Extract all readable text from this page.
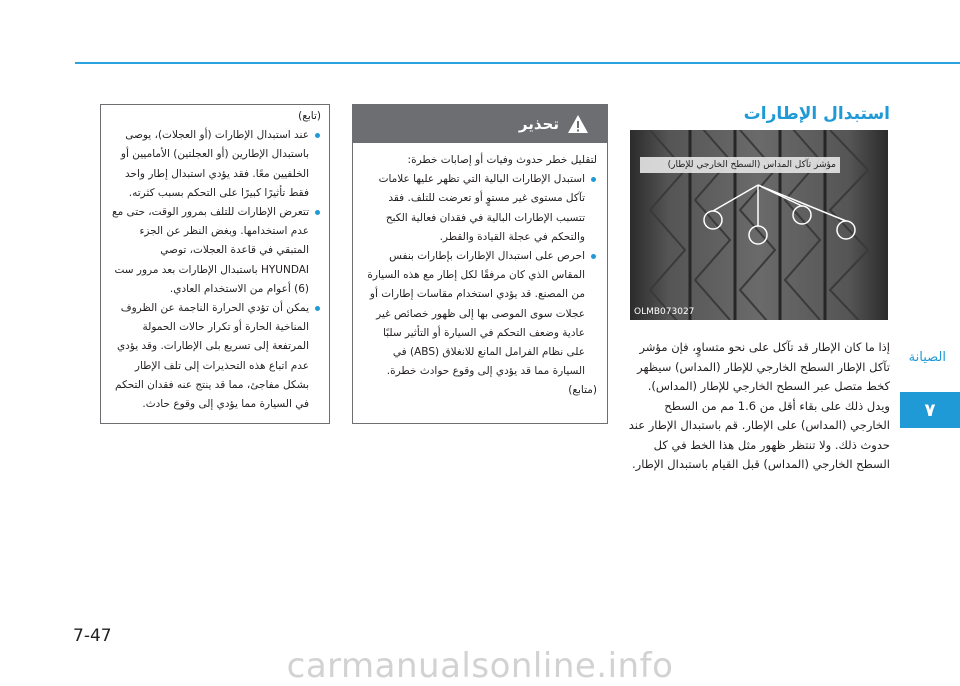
الصيانة
٧
استبدال الإطارات
مؤشر تآكل المداس (السطح الخارجي للإطار)
OLMB073027

إذا ما كان الإطار قد تآكل على نحو متساوٍ، فإن مؤشر تآكل الإطار السطح الخارجي للإطار (المداس) سيظهر كخط متصل عبر السطح الخارجي للإطار (المداس). ويدل ذلك على بقاء أقل من 1.6 مم من السطح الخارجي (المداس) على الإطار. قم باستبدال الإطار عند حدوث ذلك. ولا تنتظر ظهور مثل هذا الخط في كل السطح الخارجي (المداس) قبل القيام باستبدال الإطار.

تحذير

لتقليل خطر حدوث وفيات أو إصابات خطرة:

استبدل الإطارات البالية التي تظهر عليها علامات تآكل مستوى غير مستوٍ أو تعرضت للتلف. فقد تتسبب الإطارات البالية في فقدان فعالية الكبح والتحكم في عجلة القيادة والقطر.
احرص على استبدال الإطارات بإطارات بنفس المقاس الذي كان مرفقًا لكل إطار مع هذه السيارة من المصنع. قد يؤدي استخدام مقاسات إطارات أو عجلات سوى الموصى بها إلى ظهور خصائص غير عادية وضعف التحكم في السيارة أو التأثير سلبًا على نظام الفرامل المانع للانغلاق (ABS) في السيارة مما قد يؤدي إلى وقوع حوادث خطرة.

(متابع)

(تابع)

عند استبدال الإطارات (أو العجلات)، يوصى باستبدال الإطارين (أو العجلتين) الأماميين أو الخلفيين معًا. فقد يؤدي استبدال إطار واحد فقط تأثيرًا كبيرًا على التحكم بسبب كثرته.
تتعرض الإطارات للتلف بمرور الوقت، حتى مع عدم استخدامها. وبغض النظر عن الجزء المتبقي في قاعدة العجلات، توصي HYUNDAI باستبدال الإطارات بعد مرور ست (6) أعوام من الاستخدام العادي.
يمكن أن تؤدي الحرارة الناجمة عن الظروف المناخية الحارة أو تكرار حالات الحمولة المرتفعة إلى تسريع بلى الإطارات. وقد يؤدي عدم اتباع هذه التحذيرات إلى تلف الإطار بشكل مفاجئ، مما قد ينتج عنه فقدان التحكم في السيارة مما يؤدي إلى وقوع حادث.
7-47
carmanualsonline.info
